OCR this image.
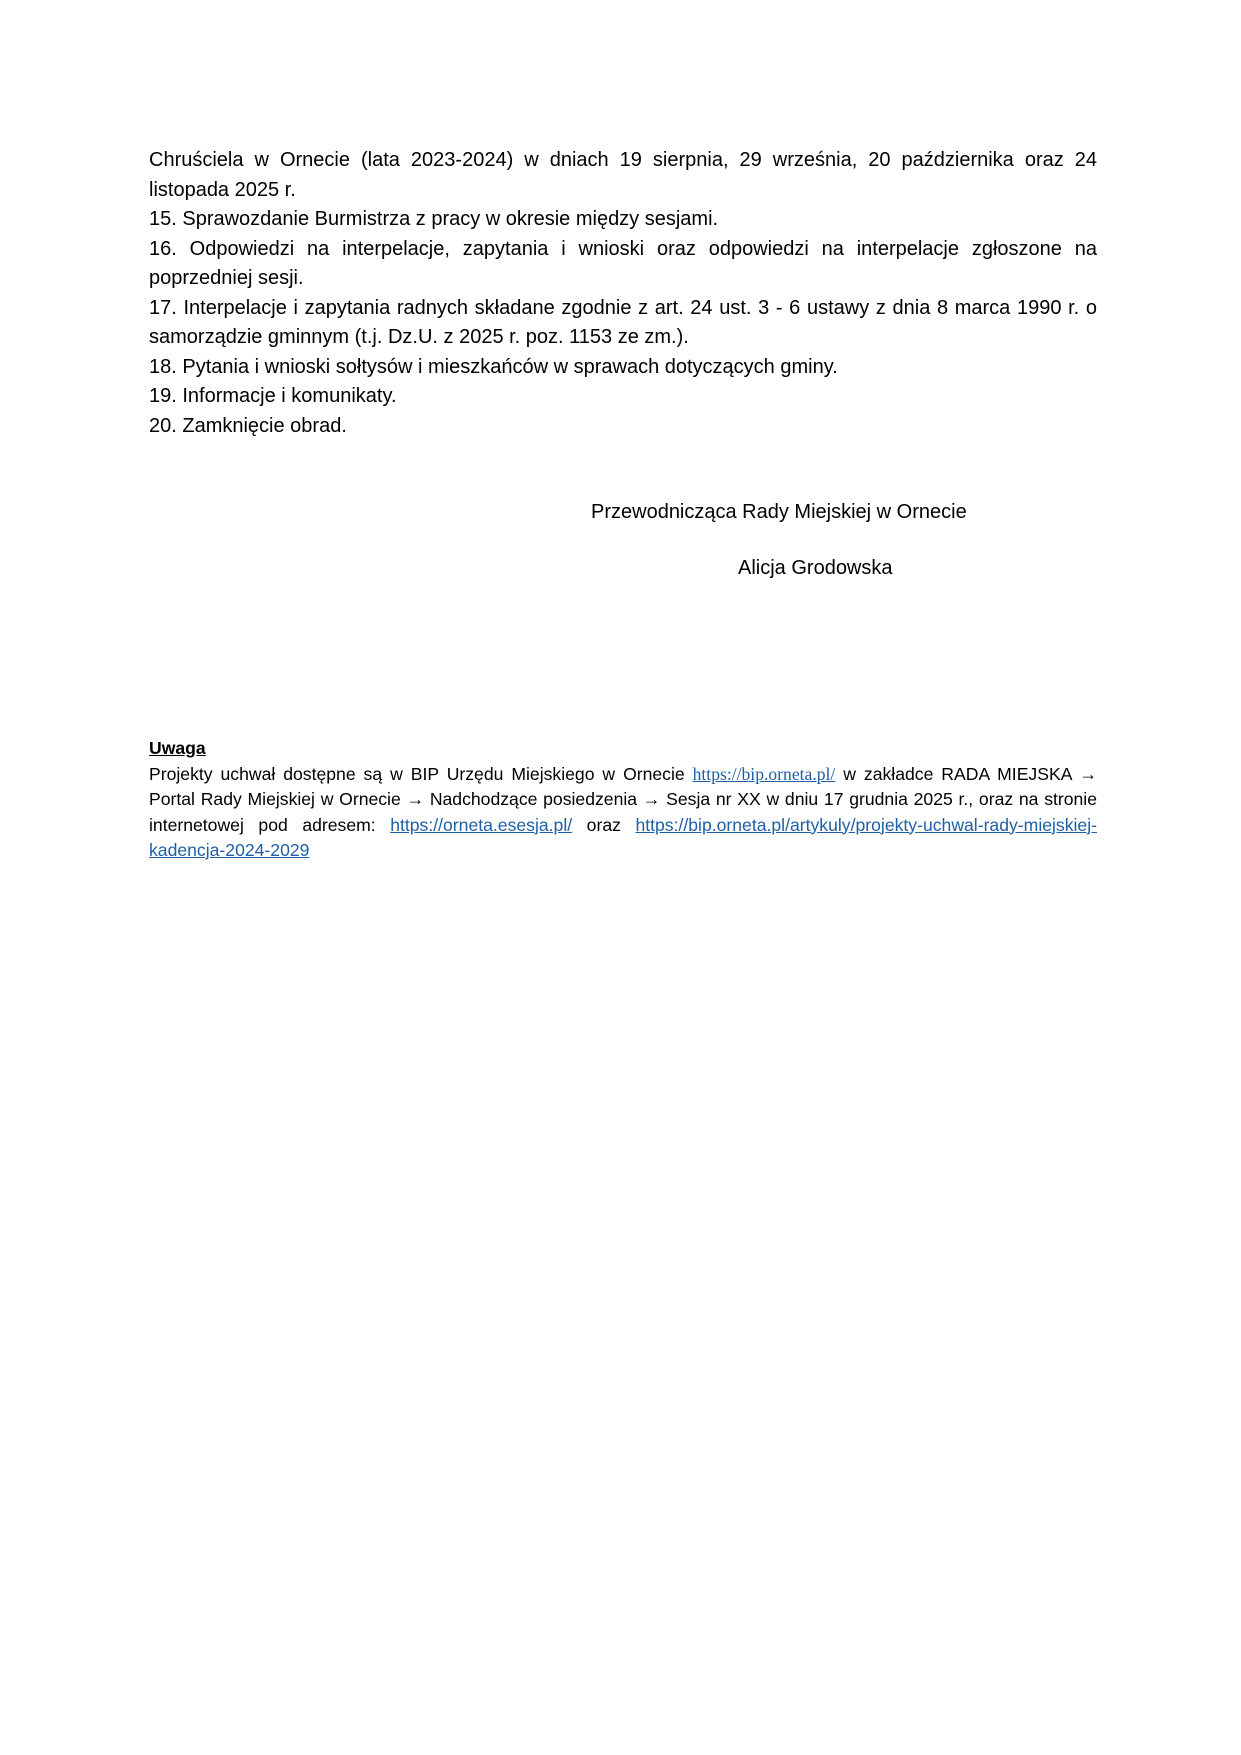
Chruściela w Ornecie (lata 2023-2024) w dniach 19 sierpnia, 29 września, 20 października oraz 24 listopada 2025 r.

15. Sprawozdanie Burmistrza z pracy w okresie między sesjami.

16. Odpowiedzi na interpelacje, zapytania i wnioski oraz odpowiedzi na interpelacje zgłoszone na poprzedniej sesji.

17. Interpelacje i zapytania radnych składane zgodnie z art. 24 ust. 3 - 6 ustawy z dnia 8 marca 1990 r. o samorządzie gminnym (t.j. Dz.U. z 2025 r. poz. 1153 ze zm.).

18. Pytania i wnioski sołtysów i mieszkańców w sprawach dotyczących gminy.

19. Informacje i komunikaty.

20. Zamknięcie obrad.

Przewodnicząca Rady Miejskiej w Ornecie
Alicja Grodowska
Uwaga

Projekty uchwał dostępne są w BIP Urzędu Miejskiego w Ornecie https://bip.orneta.pl/ w zakładce RADA MIEJSKA → Portal Rady Miejskiej w Ornecie → Nadchodzące posiedzenia → Sesja nr XX w dniu 17 grudnia 2025 r., oraz na stronie internetowej pod adresem: https://orneta.esesja.pl/ oraz https://bip.orneta.pl/artykuly/projekty-uchwal-rady-miejskiej-kadencja-2024-2029
